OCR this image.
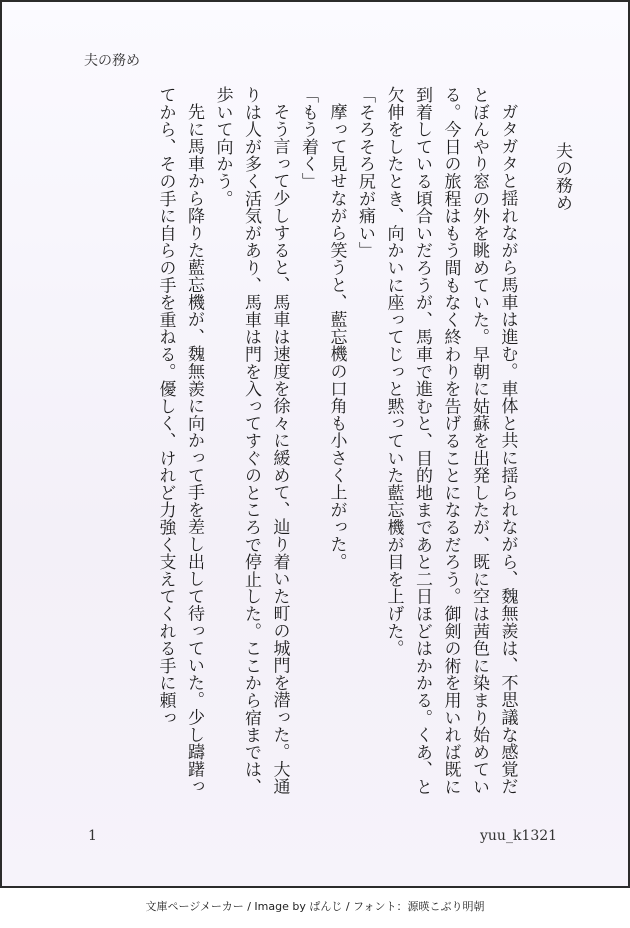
夫の務め
夫の務め

ガタガタと揺れながら馬車は進む。車体と共に揺られながら、魏無羨は、不思議な感覚だとぼんやり窓の外を眺めていた。早朝に姑蘇を出発したが、既に空は茜色に染まり始めている。今日の旅程はもう間もなく終わりを告げることになるだろう。御剣の術を用いれば既に到着している頃合いだろうが、馬車で進むと、目的地まであと二日ほどはかかる。くあ、と欠伸をしたとき、向かいに座ってじっと黙っていた藍忘機が目を上げた。

「そろそろ尻が痛い」

摩って見せながら笑うと、藍忘機の口角も小さく上がった。

「もう着く」

そう言って少しすると、馬車は速度を徐々に緩めて、辿り着いた町の城門を潜った。大通りは人が多く活気があり、馬車は門を入ってすぐのところで停止した。ここから宿までは、歩いて向かう。

先に馬車から降りた藍忘機が、魏無羨に向かって手を差し出して待っていた。少し躊躇ってから、その手に自らの手を重ねる。優しく、けれど力強く支えてくれる手に頼っ

1	yuu_k1321
文庫ページメーカー / Image by ぱんじ / フォント：源暎こぶり明朝
